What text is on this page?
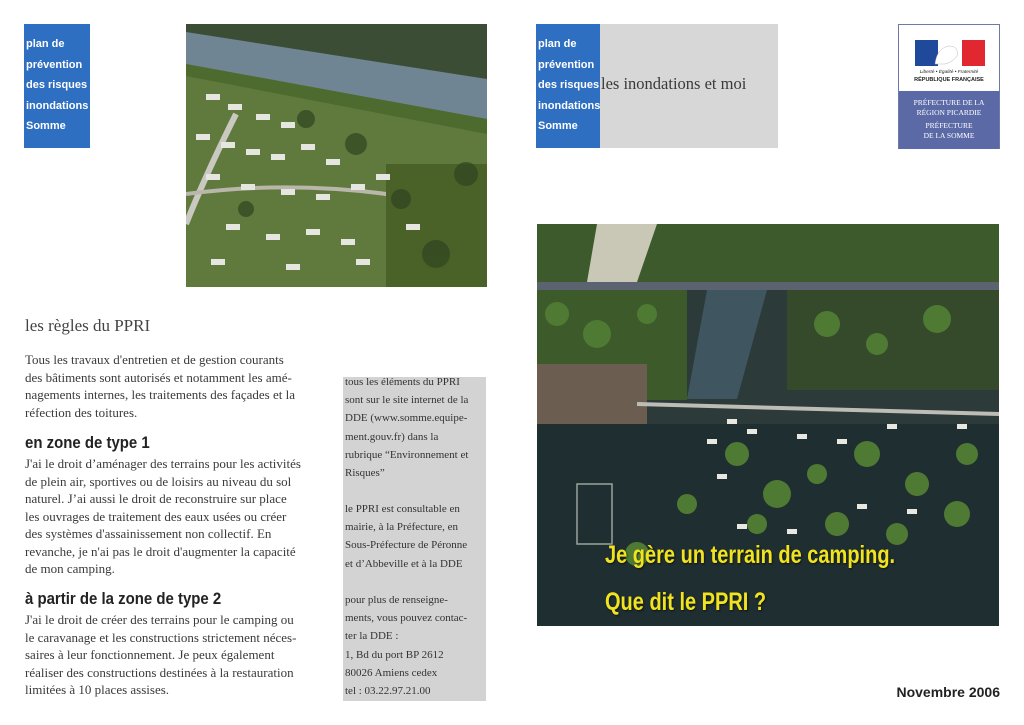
plan de
prévention
des risques
inondations
Somme
plan de
prévention
des risques
inondations
Somme
les inondations et moi
Liberté • Égalité • Fraternité
RÉPUBLIQUE FRANÇAISE
PRÉFECTURE DE LA
RÉGION PICARDIE
PRÉFECTURE
DE LA SOMME
Je gère un terrain de camping.
Que dit le PPRI ?
les règles du PPRI
Tous les travaux d'entretien et de gestion courants
des bâtiments sont autorisés et notamment les amé-
nagements internes, les traitements des façades et la
réfection des toitures.
en zone de type 1
J'ai le droit d’aménager des terrains pour les activités
de plein air, sportives ou de loisirs au niveau du sol
naturel. J’ai aussi le droit de reconstruire sur place
les ouvrages de traitement des eaux usées ou créer
des systèmes d'assainissement non collectif. En
revanche, je n'ai pas le droit d'augmenter la capacité
de mon camping.
à partir de la zone de type 2
J'ai le droit de créer des terrains pour le camping ou
le caravanage et les constructions strictement néces-
saires à leur fonctionnement. Je peux également
réaliser des constructions destinées à la restauration
limitées à 10 places assises.
tous les éléments du PPRI
sont sur le site internet de la
DDE (www.somme.equipe-
ment.gouv.fr) dans la
rubrique “Environnement et
Risques”
le PPRI est consultable en
mairie, à la Préfecture, en
Sous-Préfecture de Péronne
et d’Abbeville et à la DDE
pour plus de renseigne-
ments, vous pouvez contac-
ter la DDE :
1, Bd du port BP 2612
80026 Amiens cedex
tel : 03.22.97.21.00	Novembre 2006
